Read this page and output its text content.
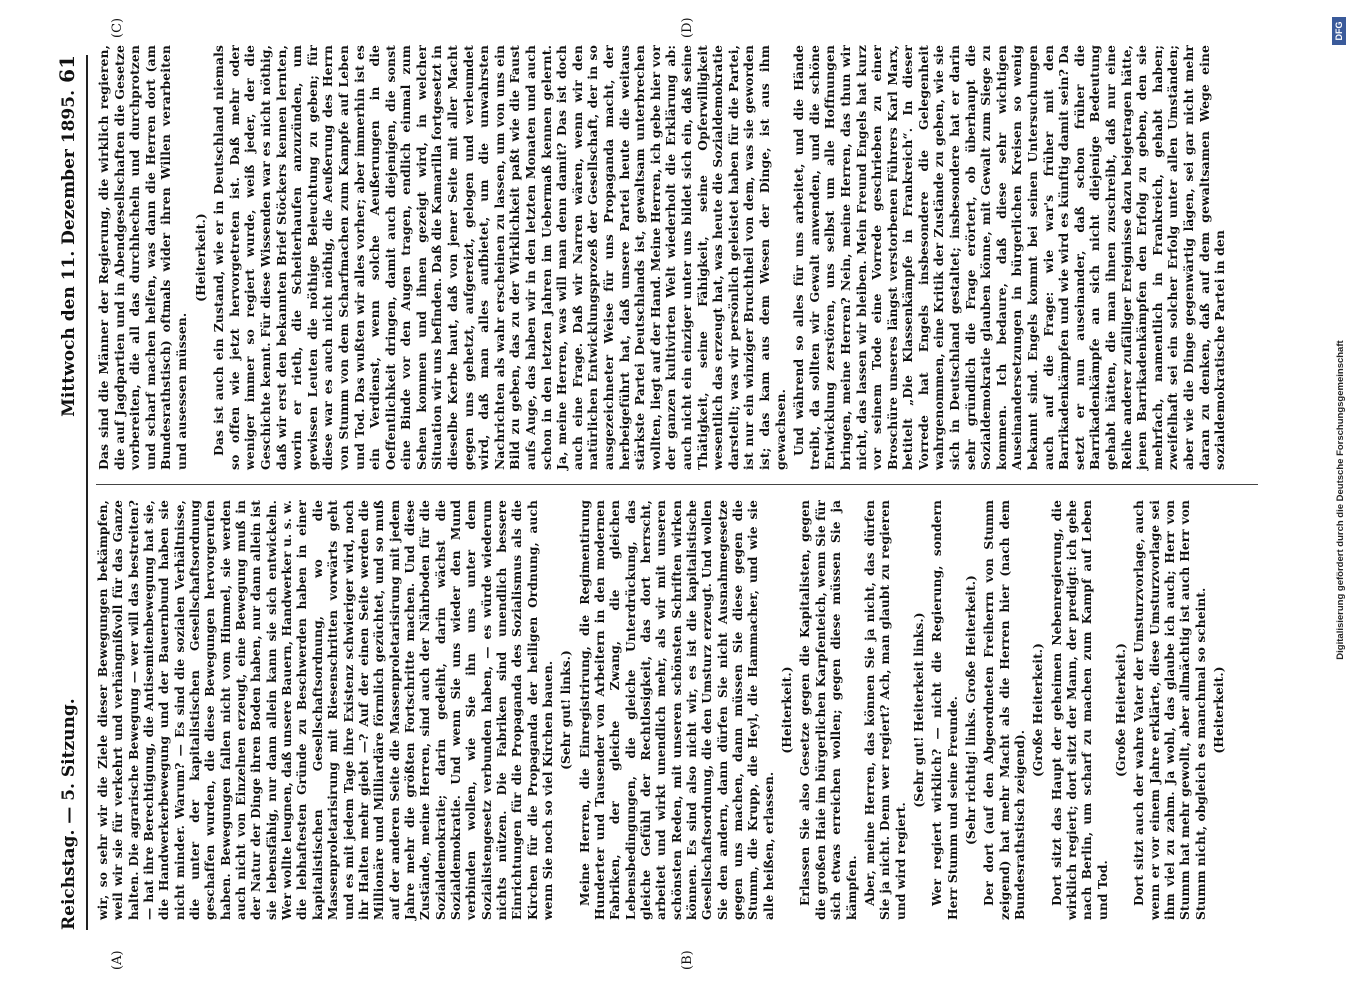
Reichstag. — 5. Sitzung.
Mittwoch den 11. Dezember 1895.
61
(A)	(B)
(C)	(D)

wir, so sehr wir die Ziele dieser Bewegungen bekämpfen, weil wir sie für verkehrt und verhängnißvoll für das Ganze halten. Die agrarische Bewegung — wer will das bestreiten? — hat ihre Berechtigung, die Antisemitenbewegung hat sie, die Handwerkerbewegung und der Bauernbund haben sie nicht minder. Warum? — Es sind die sozialen Verhältnisse, die unter der kapitalistischen Gesellschaftsordnung geschaffen wurden, die diese Bewegungen hervorgerufen haben. Bewegungen fallen nicht vom Himmel, sie werden auch nicht von Einzelnen erzeugt, eine Bewegung muß in der Natur der Dinge ihren Boden haben, nur dann allein ist sie lebensfähig, nur dann allein kann sie sich entwickeln. Wer wollte leugnen, daß unsere Bauern, Handwerker u. s. w. die lebhaftesten Gründe zu Beschwerden haben in einer kapitalistischen Gesellschaftsordnung, wo die Massenproletarisirung mit Riesenschritten vorwärts geht und es mit jedem Tage ihre Existenz schwieriger wird, noch ihr Halten mehr giebt —? Auf der einen Seite werden die Millionäre und Milliardäre förmlich gezüchtet, und so muß auf der anderen Seite die Massenproletarisirung mit jedem Jahre mehr die größten Fortschritte machen. Und diese Zustände, meine Herren, sind auch der Nährboden für die Sozialdemokratie; darin gedeiht, darin wächst die Sozialdemokratie. Und wenn Sie uns wieder den Mund verbinden wollen, wie Sie ihn uns unter dem Sozialistengesetz verbunden haben, — es würde wiederum nichts nützen. Die Fabriken sind unendlich bessere Einrichtungen für die Propaganda des Sozialismus als die Kirchen für die Propaganda der heiligen Ordnung, auch wenn Sie noch so viel Kirchen bauen. (Sehr gut! links.) Meine Herren, die Einregistrirung, die Regimentirung Hunderter und Tausender von Arbeitern in den modernen Fabriken, der gleiche Zwang, die gleichen Lebensbedingungen, die gleiche Unterdrückung, das gleiche Gefühl der Rechtlosigkeit, das dort herrscht, arbeitet und wirkt unendlich mehr, als wir mit unseren schönsten Reden, mit unseren schönsten Schriften wirken können. Es sind also nicht wir, es ist die kapitalistische Gesellschaftsordnung, die den Umsturz erzeugt. Und wollen Sie den andern, dann dürfen Sie nicht Ausnahmegesetze gegen uns machen, dann müssen Sie diese gegen die Stumm, die Krupp, die Heyl, die Hammacher, und wie sie alle heißen, erlassen.

(Heiterkeit.) Erlassen Sie also Gesetze gegen die Kapitalisten, gegen die großen Haie im bürgerlichen Karpfenteich, wenn Sie für sich etwas erreichen wollen; gegen diese müssen Sie ja kämpfen. Aber, meine Herren, das können Sie ja nicht, das dürfen Sie ja nicht. Denn wer regiert? Ach, man glaubt zu regieren und wird regiert.

(Sehr gut! Heiterkeit links.) Wer regiert wirklich? — nicht die Regierung, sondern Herr Stumm und seine Freunde. (Sehr richtig! links. Große Heiterkeit.) Der dort (auf den Abgeordneten Freiherrn von Stumm zeigend) hat mehr Macht als die Herren hier (nach dem Bundesrathstisch zeigend).

(Große Heiterkeit.) Dort sitzt das Haupt der geheimen Nebenregierung, die wirklich regiert; dort sitzt der Mann, der predigt: ich gehe nach Berlin, um scharf zu machen zum Kampf auf Leben und Tod.

(Große Heiterkeit.) Dort sitzt auch der wahre Vater der Umsturzvorlage, auch wenn er vor einem Jahre erklärte, diese Umsturzvorlage sei ihm viel zu zahm. Ja wohl, das glaube ich auch; Herr von Stumm hat mehr gewollt, aber allmächtig ist auch Herr von Stumm nicht, obgleich es manchmal so scheint. (Heiterkeit.)

Das sind die Männer der Regierung, die wirklich regieren, die auf Jagdpartien und in Abendgesellschaften die Gesetze vorbereiten, die all das durchhecheln und durchprotzen und scharf machen helfen, was dann die Herren dort (am Bundesrathstisch) oftmals wider ihren Willen verarbeiten und ausessen müssen.

(Heiterkeit.) Das ist auch ein Zustand, wie er in Deutschland niemals so offen wie jetzt hervorgetreten ist. Daß mehr oder weniger immer so regiert wurde, weiß jeder, der die Geschichte kennt. Für diese Wissenden war es nicht nöthig, daß wir erst den bekannten Brief Stöckers kennen lernten, worin er rieth, die Scheiterhaufen anzuzünden, um gewissen Leuten die nöthige Beleuchtung zu geben; für diese war es auch nicht nöthig, die Aeußerung des Herrn von Stumm von dem Scharfmachen zum Kampfe auf Leben und Tod. Das wußten wir alles vorher; aber immerhin ist es ein Verdienst, wenn solche Aeußerungen in die Oeffentlichkeit dringen, damit auch diejenigen, die sonst eine Binde vor den Augen tragen, endlich einmal zum Sehen kommen und ihnen gezeigt wird, in welcher Situation wir uns befinden. Daß die Kamarilla fortgesetzt in dieselbe Kerbe haut, daß von jener Seite mit aller Macht gegen uns gehetzt, aufgereizt, gelogen und verleumdet wird, daß man alles aufbietet, um die unwahrsten Nachrichten als wahr erscheinen zu lassen, um von uns ein Bild zu geben, das zu der Wirklichkeit paßt wie die Faust aufs Auge, das haben wir in den letzten Monaten und auch schon in den letzten Jahren im Uebermaß kennen gelernt. Ja, meine Herren, was will man denn damit? Das ist doch auch eine Frage. Daß wir Narren wären, wenn wir den natürlichen Entwicklungsprozeß der Gesellschaft, der in so ausgezeichneter Weise für uns Propaganda macht, der herbeigeführt hat, daß unsere Partei heute die weitaus stärkste Partei Deutschlands ist, gewaltsam unterbrechen wollten, liegt auf der Hand. Meine Herren, ich gebe hier vor der ganzen kultivirten Welt wiederholt die Erklärung ab: auch nicht ein einziger unter uns bildet sich ein, daß seine Thätigkeit, seine Fähigkeit, seine Opferwilligkeit wesentlich das erzeugt hat, was heute die Sozialdemokratie darstellt; was wir persönlich geleistet haben für die Partei, ist nur ein winziger Bruchtheil von dem, was sie geworden ist; das kam aus dem Wesen der Dinge, ist aus ihm gewachsen. Und während so alles für uns arbeitet, und die Hände treibt, da sollten wir Gewalt anwenden, und die schöne Entwicklung zerstören, uns selbst um alle Hoffnungen bringen, meine Herren? Nein, meine Herren, das thun wir nicht, das lassen wir bleiben. Mein Freund Engels hat kurz vor seinem Tode eine Vorrede geschrieben zu einer Broschüre unseres längst verstorbenen Führers Karl Marx, betitelt „Die Klassenkämpfe in Frankreich“. In dieser Vorrede hat Engels insbesondere die Gelegenheit wahrgenommen, eine Kritik der Zustände zu geben, wie sie sich in Deutschland gestaltet; insbesondere hat er darin sehr gründlich die Frage erörtert, ob überhaupt die Sozialdemokratie glauben könne, mit Gewalt zum Siege zu kommen. Ich bedaure, daß diese sehr wichtigen Auseinandersetzungen in bürgerlichen Kreisen so wenig bekannt sind. Engels kommt bei seinen Untersuchungen auch auf die Frage: wie war's früher mit den Barrikadenkämpfen und wie wird es künftig damit sein? Da setzt er nun auseinander, daß schon früher die Barrikadenkämpfe an sich nicht diejenige Bedeutung gehabt hätten, die man ihnen zuschreibt, daß nur eine Reihe anderer zufälliger Ereignisse dazu beigetragen hätte, jenen Barrikadenkämpfen den Erfolg zu geben, den sie mehrfach, namentlich in Frankreich, gehabt haben; zweifelhaft sei ein solcher Erfolg unter allen Umständen; aber wie die Dinge gegenwärtig lägen, sei gar nicht mehr daran zu denken, daß auf dem gewaltsamen Wege eine sozialdemokratische Partei in den	Digitalisierung gefördert durch die Deutsche Forschungsgemeinschaft
DFG
